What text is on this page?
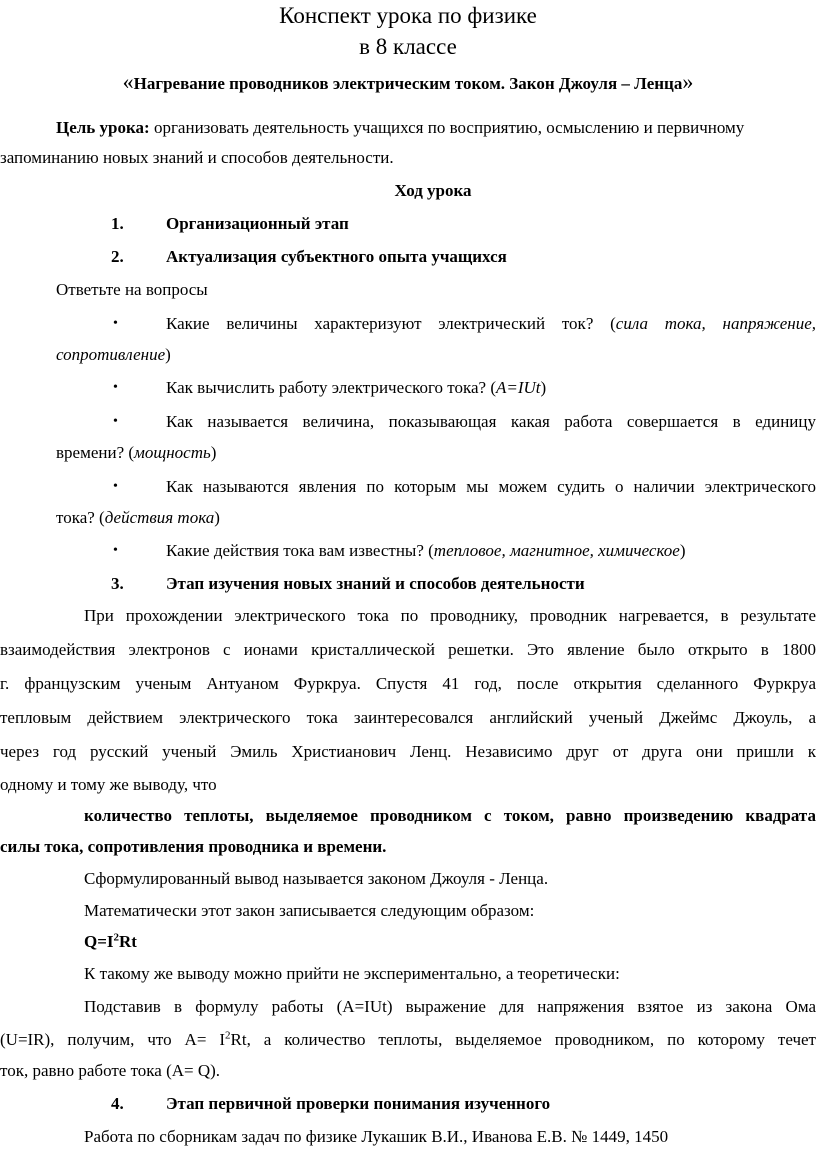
Конспект урока по физике
в 8 классе
«Нагревание проводников электрическим током. Закон Джоуля – Ленца»
Цель урока: организовать деятельность учащихся по восприятию, осмыслению и первичному
запоминанию новых знаний и способов деятельности.
Ход урока
1. Организационный этап
2. Актуализация субъектного опыта учащихся
Ответьте на вопросы
•	Какие величины характеризуют электрический ток? (сила тока, напряжение,
сопротивление)
•	Как вычислить работу электрического тока? (A=IUt)
•	Как называется величина, показывающая какая работа совершается в единицу
времени? (мощность)
•	Как называются явления по которым мы можем судить о наличии электрического
тока? (действия тока)
•	Какие действия тока вам известны? (тепловое, магнитное, химическое)
3. Этап изучения новых знаний и способов деятельности
При прохождении электрического тока по проводнику, проводник нагревается, в результате
взаимодействия электронов с ионами кристаллической решетки. Это явление было открыто в 1800
г. французским ученым Антуаном Фуркруа. Спустя 41 год, после открытия сделанного Фуркруа
тепловым действием электрического тока заинтересовался английский ученый Джеймс Джоуль, а
через год русский ученый Эмиль Христианович Ленц. Независимо друг от друга они пришли к
одному и тому же выводу, что
количество теплоты, выделяемое проводником с током, равно произведению квадрата
силы тока, сопротивления проводника и времени.
Сформулированный вывод называется законом Джоуля - Ленца.
Математически этот закон записывается следующим образом:
$Q=I^2Rt$
К такому же выводу можно прийти не экспериментально, а теоретически:
Подставив в формулу работы (A=IUt) выражение для напряжения взятое из закона Ома
(U=IR), получим, что $A= I^2Rt$, а количество теплоты, выделяемое проводником, по которому течет
ток, равно работе тока (A= Q).
4. Этап первичной проверки понимания изученного
Работа по сборникам задач по физике Лукашик В.И., Иванова Е.В. № 1449, 1450
